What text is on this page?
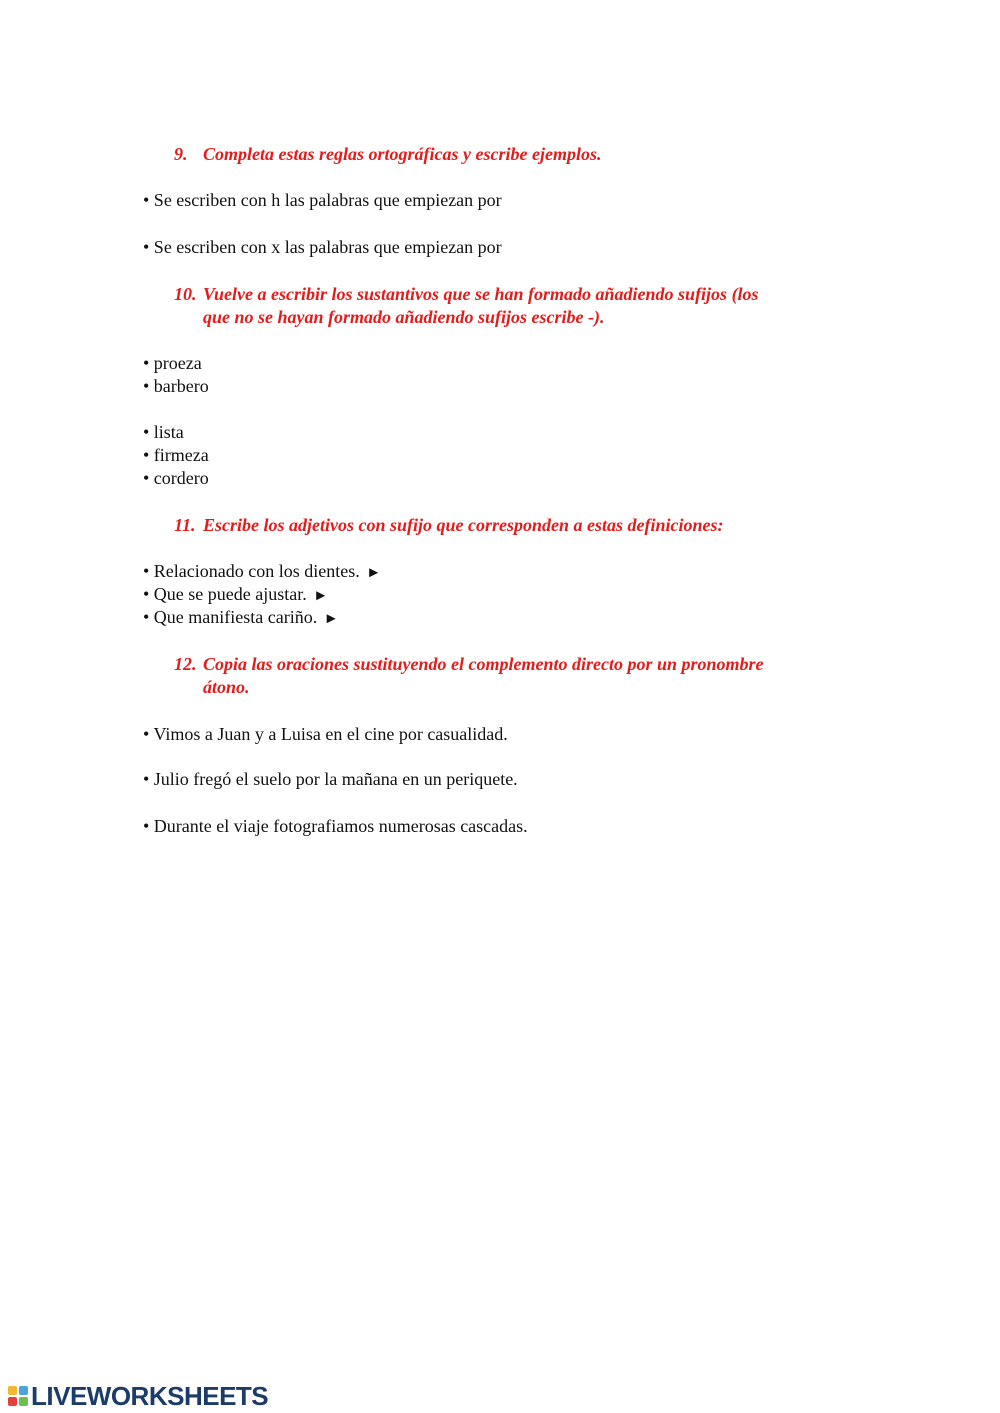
9. Completa estas reglas ortográficas y escribe ejemplos.
• Se escriben con h las palabras que empiezan por
• Se escriben con x las palabras que empiezan por
10. Vuelve a escribir los sustantivos que se han formado añadiendo sufijos (los
que no se hayan formado añadiendo sufijos escribe -).
• proeza
• barbero
• lista
• firmeza
• cordero
11. Escribe los adjetivos con sufijo que corresponden a estas definiciones:
• Relacionado con los dientes. ►
• Que se puede ajustar. ►
• Que manifiesta cariño. ►
12. Copia las oraciones sustituyendo el complemento directo por un pronombre
átono.
• Vimos a Juan y a Luisa en el cine por casualidad.
• Julio fregó el suelo por la mañana en un periquete.
• Durante el viaje fotografiamos numerosas cascadas.
LIVEWORKSHEETS
